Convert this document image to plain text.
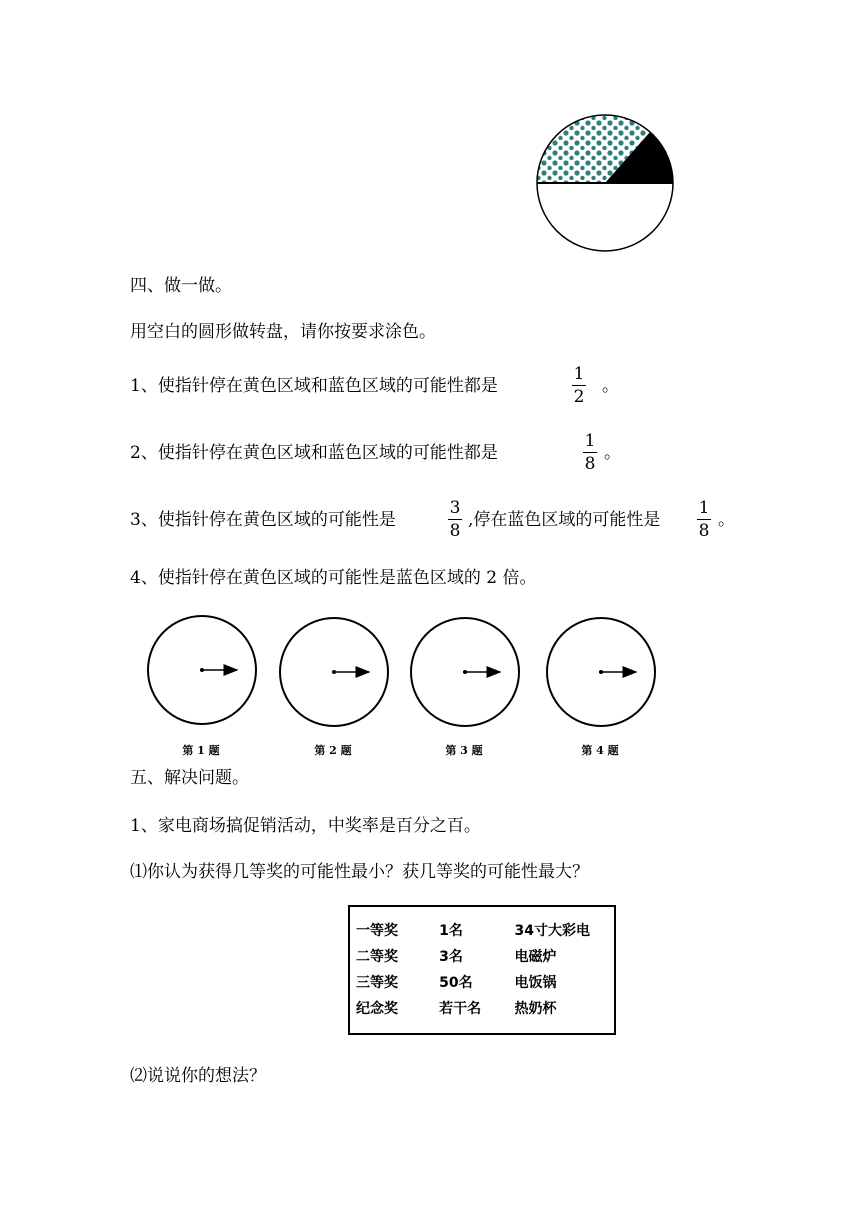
四、做一做。
用空白的圆形做转盘，请你按要求涂色。
1、使指针停在黄色区域和蓝色区域的可能性都是
1
2
。
2、使指针停在黄色区域和蓝色区域的可能性都是
1
8
。
3、使指针停在黄色区域的可能性是
3
8
,停在蓝色区域的可能性是
1
8
。
4、使指针停在黄色区域的可能性是蓝色区域的 2 倍。
第 1 题	第 2 题	第 3 题	第 4 题
五、解决问题。
1、家电商场搞促销活动，中奖率是百分之百。
⑴你认为获得几等奖的可能性最小？获几等奖的可能性最大？
一等奖	1名	34寸大彩电
二等奖	3名	电磁炉
三等奖	50名	电饭锅
纪念奖	若干名	热奶杯
⑵说说你的想法？
